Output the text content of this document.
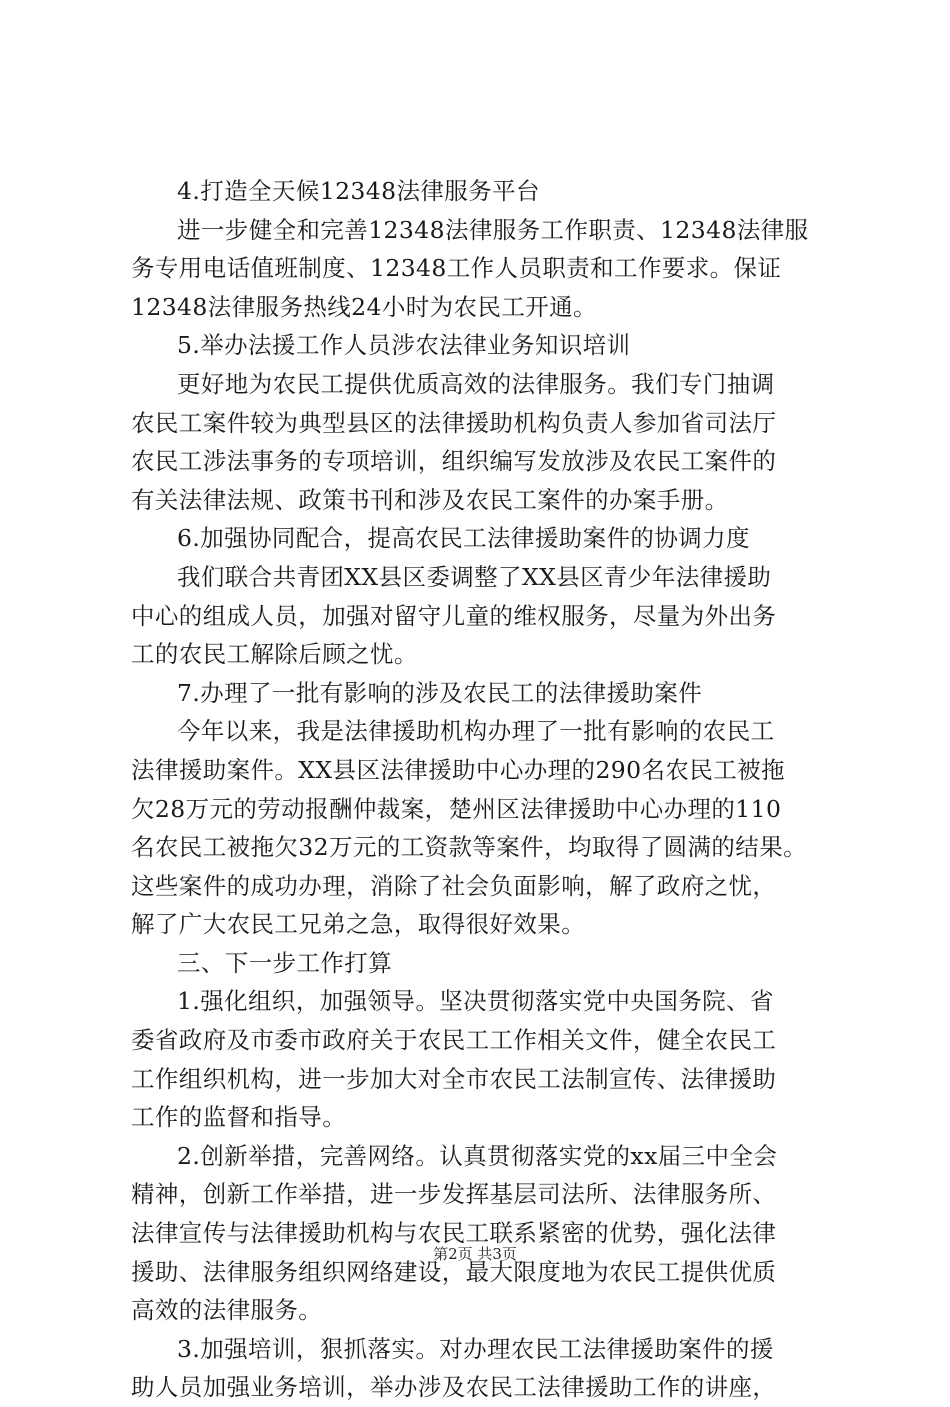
4.打造全天候12348法律服务平台
进一步健全和完善12348法律服务工作职责、12348法律服
务专用电话值班制度、12348工作人员职责和工作要求。保证
12348法律服务热线24小时为农民工开通。
5.举办法援工作人员涉农法律业务知识培训
更好地为农民工提供优质高效的法律服务。我们专门抽调
农民工案件较为典型县区的法律援助机构负责人参加省司法厅
农民工涉法事务的专项培训，组织编写发放涉及农民工案件的
有关法律法规、政策书刊和涉及农民工案件的办案手册。
6.加强协同配合，提高农民工法律援助案件的协调力度
我们联合共青团XX县区委调整了XX县区青少年法律援助
中心的组成人员，加强对留守儿童的维权服务，尽量为外出务
工的农民工解除后顾之忧。
7.办理了一批有影响的涉及农民工的法律援助案件
今年以来，我是法律援助机构办理了一批有影响的农民工
法律援助案件。XX县区法律援助中心办理的290名农民工被拖
欠28万元的劳动报酬仲裁案，楚州区法律援助中心办理的110
名农民工被拖欠32万元的工资款等案件，均取得了圆满的结果。
这些案件的成功办理，消除了社会负面影响，解了政府之忧，
解了广大农民工兄弟之急，取得很好效果。
三、下一步工作打算
1.强化组织，加强领导。坚决贯彻落实党中央国务院、省
委省政府及市委市政府关于农民工工作相关文件，健全农民工
工作组织机构，进一步加大对全市农民工法制宣传、法律援助
工作的监督和指导。
2.创新举措，完善网络。认真贯彻落实党的xx届三中全会
精神，创新工作举措，进一步发挥基层司法所、法律服务所、
法律宣传与法律援助机构与农民工联系紧密的优势，强化法律
援助、法律服务组织网络建设，最大限度地为农民工提供优质
高效的法律服务。
3.加强培训，狠抓落实。对办理农民工法律援助案件的援
助人员加强业务培训，举办涉及农民工法律援助工作的讲座，
第2页 共3页
